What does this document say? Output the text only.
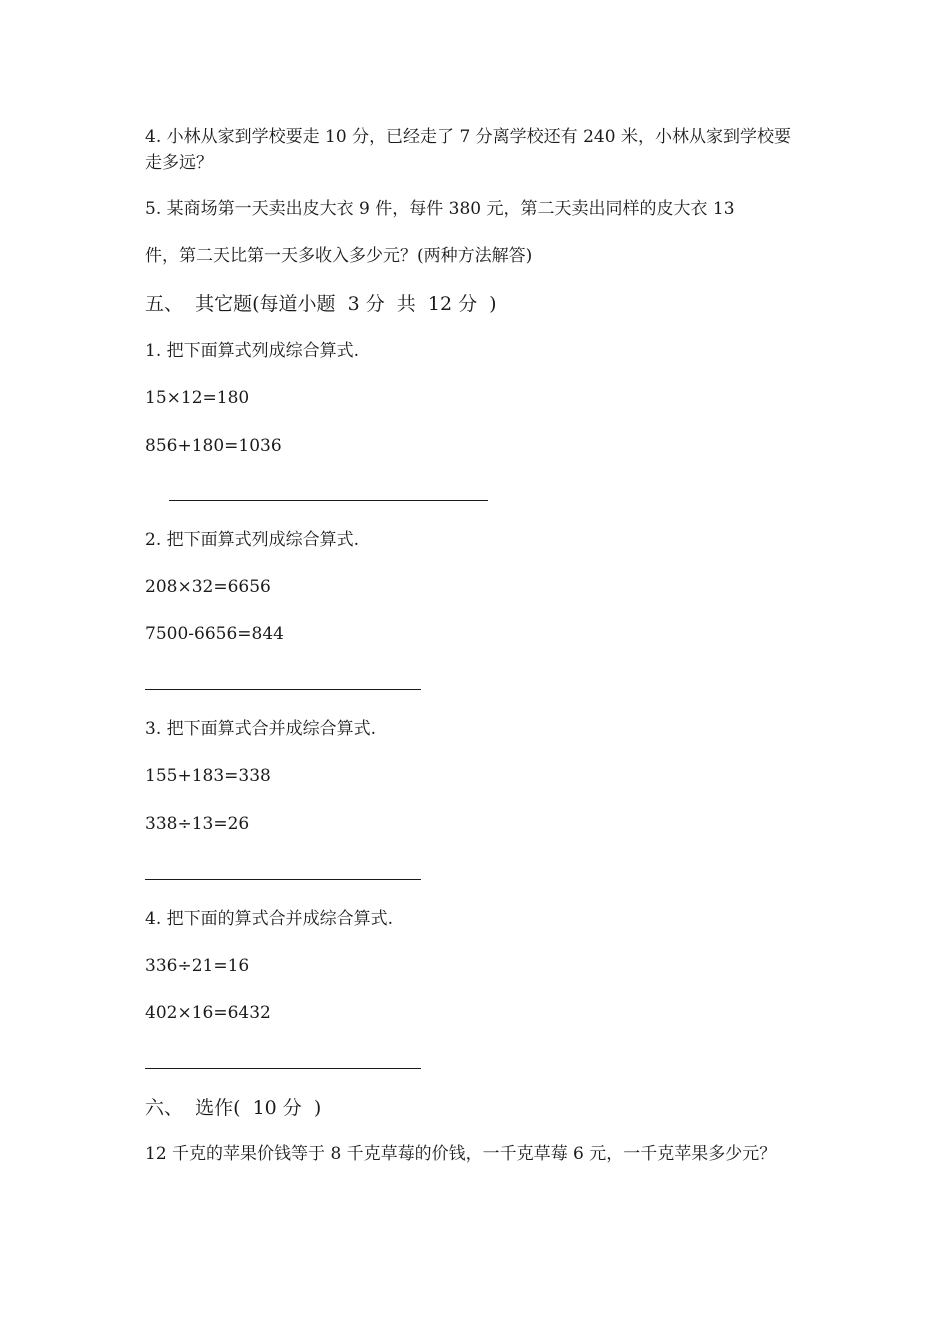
4. 小林从家到学校要走 10 分，已经走了 7 分离学校还有 240 米，小林从家到学校要走多远？
5. 某商场第一天卖出皮大衣 9 件，每件 380 元，第二天卖出同样的皮大衣 13
件，第二天比第一天多收入多少元？(两种方法解答)
五、  其它题(每道小题  3 分  共  12 分  )
1. 把下面算式列成综合算式.
15×12=180
856+180=1036
2. 把下面算式列成综合算式.
208×32=6656
7500-6656=844
3. 把下面算式合并成综合算式.
155+183=338
338÷13=26
4. 把下面的算式合并成综合算式.
336÷21=16
402×16=6432
六、  选作(  10 分  )
12 千克的苹果价钱等于 8 千克草莓的价钱，一千克草莓 6 元，一千克苹果多少元？
